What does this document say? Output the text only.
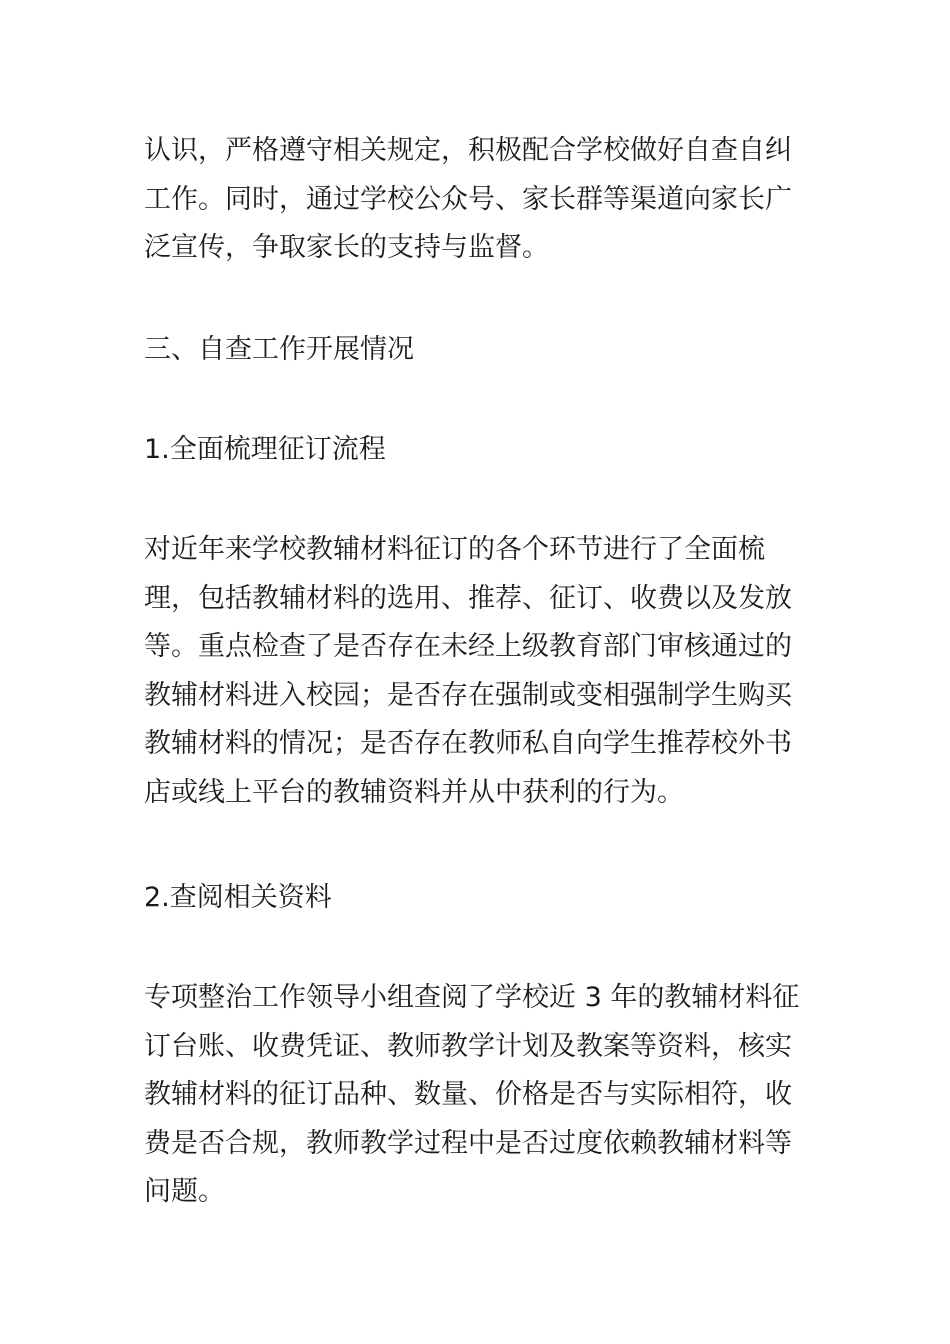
认识，严格遵守相关规定，积极配合学校做好自查自纠工作。同时，通过学校公众号、家长群等渠道向家长广泛宣传，争取家长的支持与监督。

三、自查工作开展情况

1.全面梳理征订流程

对近年来学校教辅材料征订的各个环节进行了全面梳理，包括教辅材料的选用、推荐、征订、收费以及发放等。重点检查了是否存在未经上级教育部门审核通过的教辅材料进入校园；是否存在强制或变相强制学生购买教辅材料的情况；是否存在教师私自向学生推荐校外书店或线上平台的教辅资料并从中获利的行为。

2.查阅相关资料

专项整治工作领导小组查阅了学校近 3 年的教辅材料征订台账、收费凭证、教师教学计划及教案等资料，核实教辅材料的征订品种、数量、价格是否与实际相符，收费是否合规，教师教学过程中是否过度依赖教辅材料等问题。
